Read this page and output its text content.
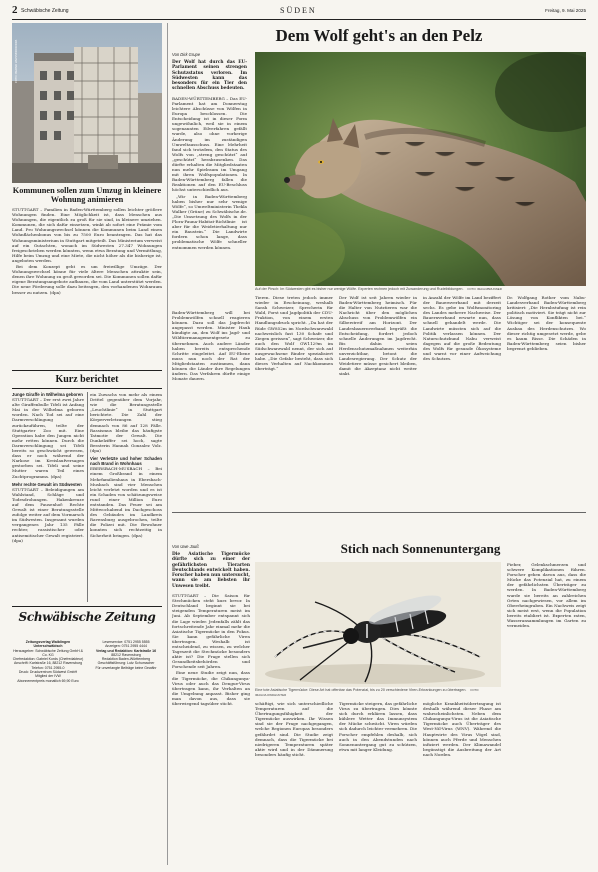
2 Schwäbische Zeitung	SÜDEN	Freitag, 9. Mai 2025
FOTO: BERND WEISSBROD/DPA
Kommunen sollen zum Umzug in kleinere Wohnung animieren

STUTTGART – Familien in Baden-Württemberg sollen leichter größere Wohnungen finden. Eine Möglichkeit ist, dass Menschen aus Wohnungen, die eigentlich zu groß für sie sind, in kleinere umziehen. Kommunen, die sich dafür einsetzen, winkt ab sofort eine Prämie vom Land. Pro Wohnungswechsel können die Kommunen beim Land einen Wohnflächenbonus von bis zu 7500 Euro beantragen. Das hat das Wohnungsministerium in Stuttgart mitgeteilt. Das Ministerium verweist auf ein Gutachten, wonach im Südwesten 27.347 Wohnungen freigeschrieben werden könnten, wenn etwa Beratung und Vermittlung, Hilfe beim Umzug und eine Miete, die nicht höher als die bisherige ist, angeboten werden.

Bei dem Konzept geht es um freiwillige Umzüge. Der Wohnungswechsel könne für viele ältere Menschen attraktiv sein, denen ihre Wohnung zu groß geworden sei. Die Kommunen sollen dafür eigene Beratungsangebote aufbauen, die vom Land unterstützt werden. Die neue Förderung solle dazu beitragen, den vorhandenen Wohnraum besser zu nutzen. (dpa)

Kurz berichtet
Junge Giraffe in Wilhelma geboren

STUTTGART – Der erst zwei Jahre alte Giraffenbulle Tifeli ist Anfang Mai in der Wilhelma geboren worden. Nach Tod sei auf eine Darmverschlingung zurückzuführen, teilte der Stuttgarter Zoo mit. Eine Operation habe den Jungen nicht mehr retten können. Durch die Darmverschlingung sei Tifeli bereits so geschwächt gewesen, dass er noch während der Narkose im Kreislaufversagen gestorben sei. Tifeli und seine Mutter waren Teil eines Zuchtprogramms. (dpa)

Mehr rechte Gewalt im Südwesten

STUTTGART – Beleidigungen am Wahlstand, Schläge und Todesdrohungen. Hakenkreuze auf dem Pausenhof: Rechte Gewalt ist einer Beratungsstelle zufolge weiter auf dem Vormarsch im Südwesten. Insgesamt wurden vergangenes Jahr 135 Fälle rechter, rassistischer oder antisemitischer Gewalt registriert. (dpa)

ein Zuwachs von mehr als einem Drittel gegenüber dem Vorjahr, wie die Beratungsstelle „Leuchtlinie“ in Stuttgart berichtete. Die Zahl der Körperverletzungen stieg demnach von 86 auf 128 Fälle. Rassismus bleibe das häufigste Tatmotiv der Gewalt. Die Dunkelziffer sei hoch, sagte Beraterin Hannah Gonzalez Volz. (dpa)

Vier Verletzte und hoher Schaden nach Brand in Wohnhaus

EBERSBACH-MUSBACH – Bei einem Großbrand in einem Mehrfamilienhaus in Ebersbach-Musbach sind vier Menschen leicht verletzt worden und es ist ein Schaden von schätzungsweise rund einer Million Euro entstanden. Das Feuer sei am Mittwochabend im Dachgeschoss des Gebäudes im Landkreis Ravensburg ausgebrochen, teilte die Polizei mit. Die Bewohner konnten sich rechtzeitig in Sicherheit bringen. (dpa)

Schwäbische Zeitung
Zeitungsverlag Waiblingen Unterschwäbisch
Herausgeber: Schwäbische Zeitung GmbH & Co. KG
Chefredaktion: Gabriel Kords (Chefredakteur)
Anschrift: Karlstraße 16, 88212 Ravensburg
Telefon: 0751 2955-0
Druck: Druckzentrum Südwest GmbH
Mitglied der IVW
Abonnementpreis monatlich 69,90 Euro
Leserservice: 0751 2955 5555
Anzeigen: 0751 2955 4444
Verlag und Redaktion: Karlstraße 16
88212 Ravensburg
Redaktion Baden-Württemberg
Geschäftsführung: Lutz Schumacher
Für unverlangte Beiträge keine Gewähr
Dem Wolf geht's an den Pelz
Von Dirk Grupe
Der Wolf hat durch das EU-Parlament seinen strengen Schutzstatus verloren. Im Südwesten kann das besonders für ein Tier den schnellen Abschuss bedeuten.

BADEN-WÜRTTEMBERG – Das EU-Parlament hat am Donnerstag leichtere Abschüsse von Wölfen in Europa beschlossen. Die Entscheidung ist in dieser Form ungewöhnlich, weil sie in einem sogenannten Eilverfahren gefällt wurde, also ohne vorherige Änderung im zuständigen Umweltausschuss. Eine Mehrheit fand sich trotzdem, den Status des Wolfs von „streng geschützt“ auf „geschützt“ herabzusenken. Das dürfte erhalten die Mitgliedstaaten nun mehr Spielraum im Umgang mit ihren Wolfspopulationen. In Baden-Württemberg fallen die Reaktionen auf den EU-Beschluss höchst unterschiedlich aus.

„Wir in Baden-Württemberg haben bisher nur sehr wenige Wölfe“, so Umweltministerin Thekla Walker (Grüne) zu Schwäbische.de. „Die Umsetzung des Wolfs in der Flora-Fauna-Habitat-Richtlinie ist aber für die Weidetierhaltung nur ein Baustein.“ Die Landwirte fordern schon lange, dass problematische Wölfe schneller entnommen werden können.

Auf der Pirsch: Im Südwesten gibt es bisher nur wenige Wölfe. Experten rechnen jedoch mit Zuwanderung und Rudelbildungen. FOTO: IMAGO/BRUNNER
Tieren. Diese treten jedoch immer wieder in Erscheinung, weshalb Sarah Schweizer, Sprecherin für Wald, Forst und Jagdpolitik der CDU-Fraktion, von einem ersten Handlungsdruck spricht. „Da hat der Rüde GW852m im Nordschwarzwald nachweislich fast 130 Schafe und Ziegen gerissen“, sagt Schweizer, die auch den Wolf GW1129m im Südschwarzwald nennt, der sich auf ausgewachsene Rinder spezialisiert habe. „Die Gefahr besteht, dass sich dieses Verhalten auf Nachkommen überträgt.“
Der Wolf ist seit Jahren wieder in Baden-Württemberg heimisch. Für die Halter von Nutztieren war die Nachricht über den möglichen Abschuss von Problemwölfen ein Silberstreif am Horizont. Der Landesbauernverband begrüßt die Entscheidung, fordert jedoch schnelle Änderungen im Jagdrecht. Bis dahin seien Herdenschutzmaßnahmen weiterhin unverzichtbar, betont die Landesregierung. Der Schutz der Weidetiere müsse gesichert bleiben, damit die Akzeptanz nicht weiter sinkt.
in Anzahl der Wölfe im Land beziffert der Bauernverband mit derzeit sechs. Es gebe im Wolfsmonitoring des Landes mehrere Nachweise. Der Bauernverband erwarte nun, dass schnell gehandelt werde. Die Landwirte müssten sich auf die Politik verlassen können. Der Naturschutzbund Nabu verweist dagegen auf die große Bedeutung des Wolfs für gesunde Ökosysteme und warnt vor einer Aufweichung des Schutzes.
Dr. Wolfgang Rother vom Nabu-Landesverband Baden-Württemberg kritisiert: „Die Herabstufung ist rein politisch motiviert. Sie trägt nicht zur Lösung von Konflikten bei.“ Wichtiger sei der konsequente Ausbau des Herdenschutzes. Wo dieser richtig umgesetzt werde, gebe es kaum Risse. Die Schäden in Baden-Württemberg seien bisher begrenzt geblieben.
Baden-Württemberg will bei Problemwölfen schnell reagieren können. Dazu soll das Jagdrecht angepasst werden. Minister Hauk kündigte an, den Wolf ins Jagd- und Wildtiermanagementgesetz zu übernehmen. Auch andere Länder haben bereits entsprechende Schritte eingeleitet. Auf EU-Ebene muss nun noch der Rat der Mitgliedstaaten zustimmen, dann können die Länder ihre Regelungen ändern. Das Verfahren dürfte einige Monate dauern.
Stich nach Sonnenuntergang
Von Uwe Jauß
Die Asiatische Tigermücke dürfte sich zu einer der gefährlichsten Tierarten Deutschlands entwickelt haben. Forscher haben nun untersucht, wann sie am liebsten ihr Unwesen treibt.

STUTTGART – Die Saison für Stechmücken steht kurz bevor. In Deutschland beginnt sie bei steigenden Temperaturen meist im Juni. Ab September entspannt sich die Lage wieder. Jedenfalls zählt das fortschreitende Jahr einmal mehr die Asiatische Tigermücke in den Fokus. Sie kann gefährliche Viren übertragen. Weshalb ist entscheidend, zu wissen, zu welcher Tageszeit die Stechmücke besonders aktiv ist? Die Frage stellen sich Gesundheitsbehörden und Forschende seit Jahren.

Eine neue Studie zeigt nun, dass die Tigermücke, die Chikungunya-Virus oder auch das Dengue-Virus übertragen kann, ihr Verhalten an die Umgebung anpasst. Bisher ging man davon aus, dass sie überwiegend tagsüber sticht.

Eine tote Asiatische Tigermücke: Diese Art hat offenbar das Potenzial, bis zu 20 verschiedene Viren-Erkrankungen zu übertragen. FOTO: IMAGO/LOWDHUNTER
schäftigt, wie sich unterschiedliche Temperaturen auf die Übertragungsfähigkeit der Tigermücke auswirken. Ihr Wissen sind sie der Frage nachgegangen, welche Regionen Europas besonders gefährdet sind. Die Studie zeigt demnach, dass die Tigermücke bei niedrigeren Temperaturen später aktiv wird und in der Dämmerung besonders häufig sticht.
Tigermücke steigern, das gefährliche Virus zu übertragen. Dies könnte sich durch erklären lassen, dass kühlere Wetter das Immunsystem der Mücke schwächt. Viren würden sich dadurch leichter vermehren. Die Forscher empfehlen deshalb, sich auch in den Abendstunden nach Sonnenuntergang gut zu schützen, etwa mit langer Kleidung.
mögliche Krankheitsübertragung ist deshalb während dieser Phase am wahrscheinlichsten. Neben dem Chikungunya-Virus ist die Asiatische Tigermücke auch Überträger des West-Nil-Virus (WNV). Während die Hauptwirte des Virus Vögel sind, können auch Pferde und Menschen infiziert werden. Der Klimawandel begünstigt die Ausbreitung der Art nach Norden.
Fieber, Gelenkschmerzen und schwere Komplikationen führen. Forscher gehen davon aus, dass die Mücke das Potenzial hat, zu einem der gefährlichsten Überträger zu werden. In Baden-Württemberg wurde sie bereits an zahlreichen Orten nachgewiesen, vor allem im Oberrheingraben. Ein Nachweis zeigt sich meist erst, wenn die Population bereits etabliert ist. Experten raten, Wasseransammlungen im Garten zu vermeiden.
